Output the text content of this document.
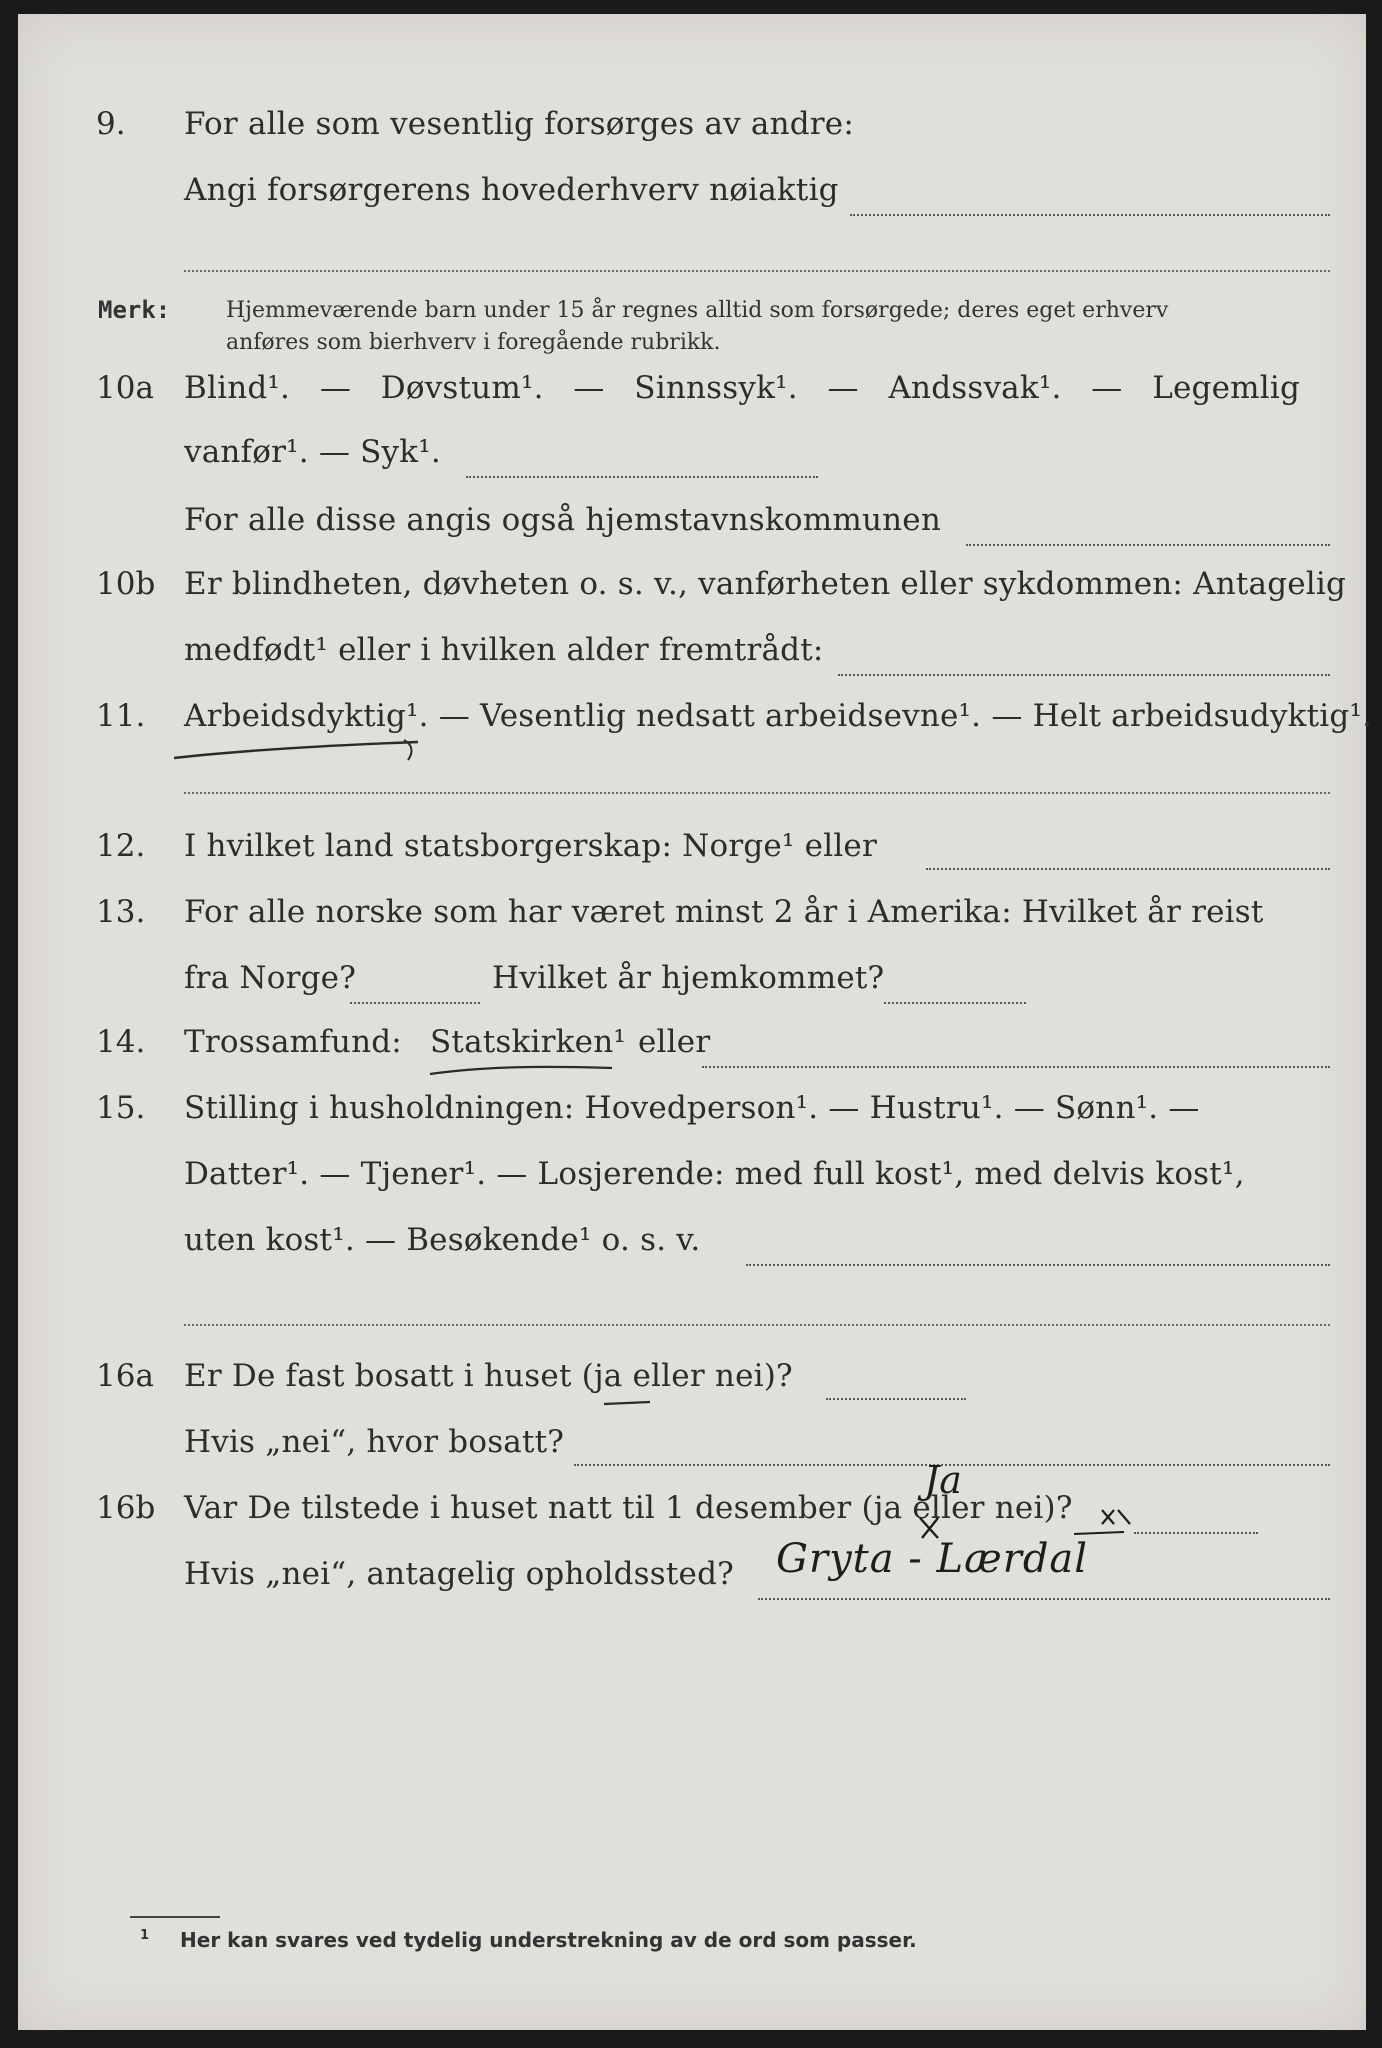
9. For alle som vesentlig forsørges av andre:
Angi forsørgerens hovederhverv nøiaktig
Merk:	Hjemmeværende barn under 15 år regnes alltid som forsørgede; deres eget erhverv
anføres som bierhverv i foregående rubrikk.
10a Blind¹. — Døvstum¹. — Sinnssyk¹. — Andssvak¹. — Legemlig
vanfør¹. — Syk¹.
For alle disse angis også hjemstavnskommunen
10b Er blindheten, døvheten o. s. v., vanførheten eller sykdommen: Antagelig
medfødt¹ eller i hvilken alder fremtrådt:
11. Arbeidsdyktig¹. — Vesentlig nedsatt arbeidsevne¹. — Helt arbeidsudyktig¹.
12. I hvilket land statsborgerskap: Norge¹ eller
13. For alle norske som har været minst 2 år i Amerika: Hvilket år reist
fra Norge?	Hvilket år hjemkommet?
14. Trossamfund: Statskirken¹ eller
15. Stilling i husholdningen: Hovedperson¹. — Hustru¹. — Sønn¹. —
Datter¹. — Tjener¹. — Losjerende: med full kost¹, med delvis kost¹,
uten kost¹. — Besøkende¹ o. s. v.
16a Er De fast bosatt i huset (ja eller nei)?
Hvis „nei“, hvor bosatt?
16b Var De tilstede i huset natt til 1 desember (ja eller nei)?
Ja
Hvis „nei“, antagelig opholdssted? Gryta - Lærdal
$^1$ Her kan svares ved tydelig understrekning av de ord som passer.
